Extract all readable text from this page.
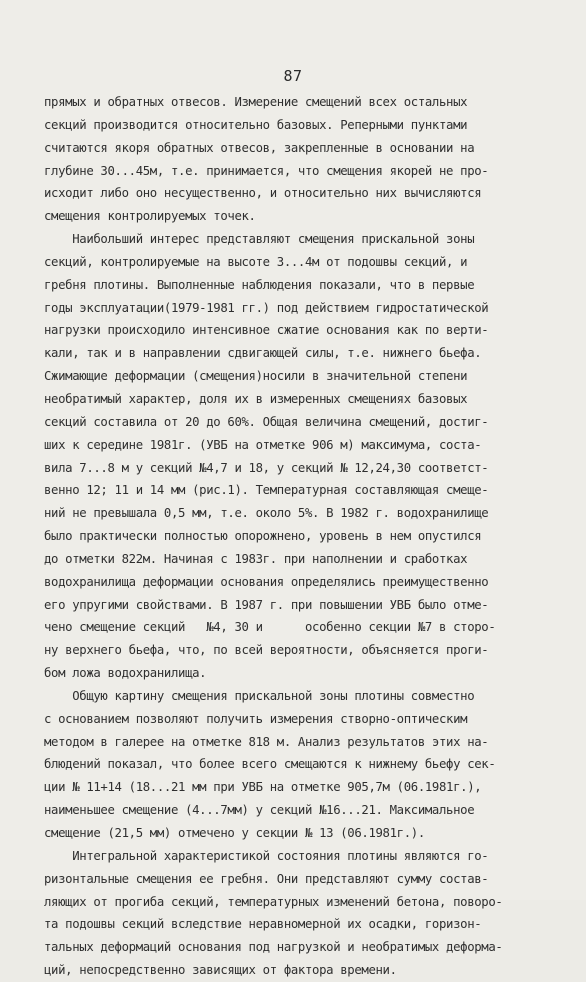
87
прямых и обратных отвесов. Измерение смещений всех остальных
секций производится относительно базовых. Реперными пунктами
считаются якоря обратных отвесов, закрепленные в основании на
глубине 30...45м, т.е. принимается, что смещения якорей не про-
исходит либо оно несущественно, и относительно них вычисляются
смещения контролируемых точек.
Наибольший интерес представляют смещения прискальной зоны
секций, контролируемые на высоте 3...4м от подошвы секций, и
гребня плотины. Выполненные наблюдения показали, что в первые
годы эксплуатации(1979-1981 гг.) под действием гидростатической
нагрузки происходило интенсивное сжатие основания как по верти-
кали, так и в направлении сдвигающей силы, т.е. нижнего бьефа.
Сжимающие деформации (смещения)носили в значительной степени
необратимый характер, доля их в измеренных смещениях базовых
секций составила от 20 до 60%. Общая величина смещений, достиг-
ших к середине 1981г. (УВБ на отметке 906 м) максимума, соста-
вила 7...8 м у секций №4,7 и 18, у секций № 12,24,30 соответст-
венно 12; 11 и 14 мм (рис.1). Температурная составляющая смеще-
ний не превышала 0,5 мм, т.е. около 5%. В 1982 г. водохранилище
было практически полностью опорожнено, уровень в нем опустился
до отметки 822м. Начиная с 1983г. при наполнении и сработках
водохранилища деформации основания определялись преимущественно
его упругими свойствами. В 1987 г. при повышении УВБ было отме-
чено смещение секций   №4, 30 и      особенно секции №7 в сторо-
ну верхнего бьефа, что, по всей вероятности, объясняется проги-
бом ложа водохранилища.
Общую картину смещения прискальной зоны плотины совместно
с основанием позволяют получить измерения створно-оптическим
методом в галерее на отметке 818 м. Анализ результатов этих на-
блюдений показал, что более всего смещаются к нижнему бьефу сек-
ции № 11+14 (18...21 мм при УВБ на отметке 905,7м (06.1981г.),
наименьшее смещение (4...7мм) у секций №16...21. Максимальное
смещение (21,5 мм) отмечено у секции № 13 (06.1981г.).
Интегральной характеристикой состояния плотины являются го-
ризонтальные смещения ее гребня. Они представляют сумму состав-
ляющих от прогиба секций, температурных изменений бетона, поворо-
та подошвы секций вследствие неравномерной их осадки, горизон-
тальных деформаций основания под нагрузкой и необратимых деформа-
ций, непосредственно зависящих от фактора времени.
